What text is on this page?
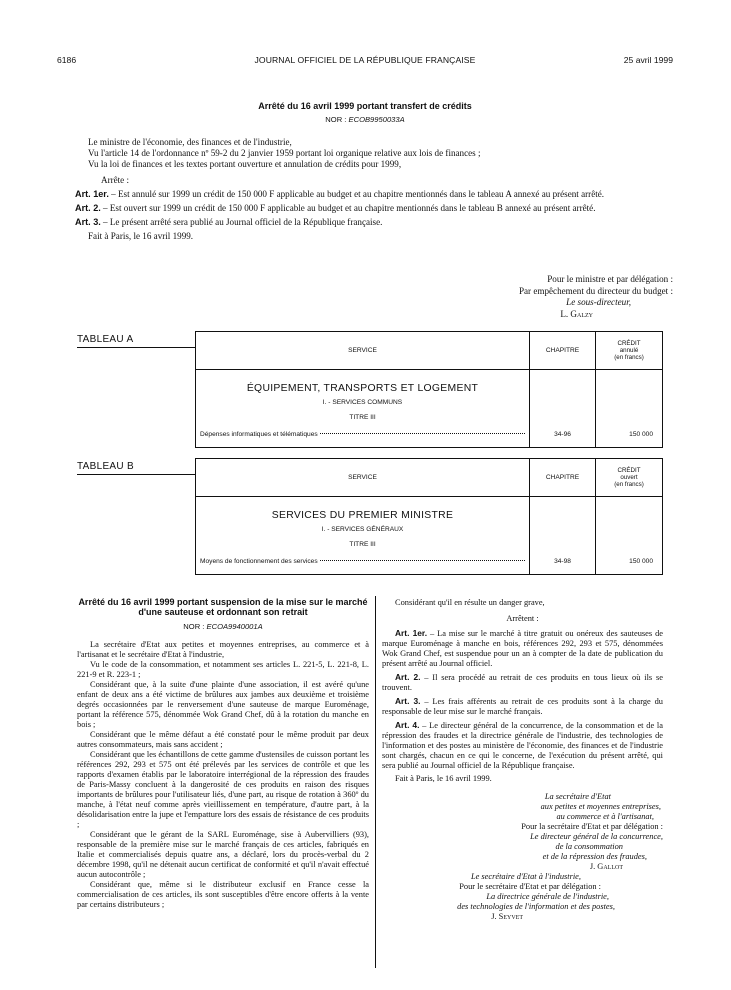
6186	JOURNAL OFFICIEL DE LA RÉPUBLIQUE FRANÇAISE	25 avril 1999
Arrêté du 16 avril 1999 portant transfert de crédits
NOR : ECOB9950033A

Le ministre de l'économie, des finances et de l'industrie,

Vu l'article 14 de l'ordonnance nº 59-2 du 2 janvier 1959 portant loi organique relative aux lois de finances ;

Vu la loi de finances et les textes portant ouverture et annulation de crédits pour 1999,

Arrête :

Art. 1er. – Est annulé sur 1999 un crédit de 150 000 F applicable au budget et au chapitre mentionnés dans le tableau A annexé au présent arrêté.

Art. 2. – Est ouvert sur 1999 un crédit de 150 000 F applicable au budget et au chapitre mentionnés dans le tableau B annexé au présent arrêté.

Art. 3. – Le présent arrêté sera publié au Journal officiel de la République française.

Fait à Paris, le 16 avril 1999.

Pour le ministre et par délégation :
Par empêchement du directeur du budget :
Le sous-directeur,
L. Galzy
TABLEAU A
SERVICE	CHAPITRE	CRÉDIT
annulé
(en francs)

ÉQUIPEMENT, TRANSPORTS ET LOGEMENT
I. - SERVICES COMMUNS
TITRE III
Dépenses informatiques et télématiques	34-96	150 000
TABLEAU B
SERVICE	CHAPITRE	CRÉDIT
ouvert
(en francs)

SERVICES DU PREMIER MINISTRE
I. - SERVICES GÉNÉRAUX
TITRE III
Moyens de fonctionnement des services	34-98	150 000
Arrêté du 16 avril 1999 portant suspension de la mise sur le marché d'une sauteuse et ordonnant son retrait
NOR : ECOA9940001A

La secrétaire d'Etat aux petites et moyennes entreprises, au commerce et à l'artisanat et le secrétaire d'Etat à l'industrie,

Vu le code de la consommation, et notamment ses articles L. 221-5, L. 221-8, L. 221-9 et R. 223-1 ;

Considérant que, à la suite d'une plainte d'une association, il est avéré qu'une enfant de deux ans a été victime de brûlures aux jambes aux deuxième et troisième degrés occasionnées par le renversement d'une sauteuse de marque Euroménage, portant la référence 575, dénommée Wok Grand Chef, dû à la rotation du manche en bois ;

Considérant que le même défaut a été constaté pour le même produit par deux autres consommateurs, mais sans accident ;

Considérant que les échantillons de cette gamme d'ustensiles de cuisson portant les références 292, 293 et 575 ont été prélevés par les services de contrôle et que les rapports d'examen établis par le laboratoire interrégional de la répression des fraudes de Paris-Massy concluent à la dangerosité de ces produits en raison des risques importants de brûlures pour l'utilisateur liés, d'une part, au risque de rotation à 360º du manche, à l'état neuf comme après vieillissement en température, d'autre part, à la désolidarisation entre la jupe et l'empatture lors des essais de résistance de ces produits ;

Considérant que le gérant de la SARL Euroménage, sise à Aubervilliers (93), responsable de la première mise sur le marché français de ces articles, fabriqués en Italie et commercialisés depuis quatre ans, a déclaré, lors du procès-verbal du 2 décembre 1998, qu'il ne détenait aucun certificat de conformité et qu'il n'avait effectué aucun autocontrôle ;

Considérant que, même si le distributeur exclusif en France cesse la commercialisation de ces articles, ils sont susceptibles d'être encore offerts à la vente par certains distributeurs ;

Considérant qu'il en résulte un danger grave,

Arrêtent :

Art. 1er. – La mise sur le marché à titre gratuit ou onéreux des sauteuses de marque Euroménage à manche en bois, références 292, 293 et 575, dénommées Wok Grand Chef, est suspendue pour un an à compter de la date de publication du présent arrêté au Journal officiel.

Art. 2. – Il sera procédé au retrait de ces produits en tous lieux où ils se trouvent.

Art. 3. – Les frais afférents au retrait de ces produits sont à la charge du responsable de leur mise sur le marché français.

Art. 4. – Le directeur général de la concurrence, de la consommation et de la répression des fraudes et la directrice générale de l'industrie, des technologies de l'information et des postes au ministère de l'économie, des finances et de l'industrie sont chargés, chacun en ce qui le concerne, de l'exécution du présent arrêté, qui sera publié au Journal officiel de la République française.

Fait à Paris, le 16 avril 1999.

La secrétaire d'Etat
aux petites et moyennes entreprises,
au commerce et à l'artisanat,
Pour la secrétaire d'Etat et par délégation :
Le directeur général de la concurrence,
de la consommation
et de la répression des fraudes,
J. Gallot
Le secrétaire d'Etat à l'industrie,
Pour le secrétaire d'Etat et par délégation :
La directrice générale de l'industrie,
des technologies de l'information et des postes,
J. Seyvet
